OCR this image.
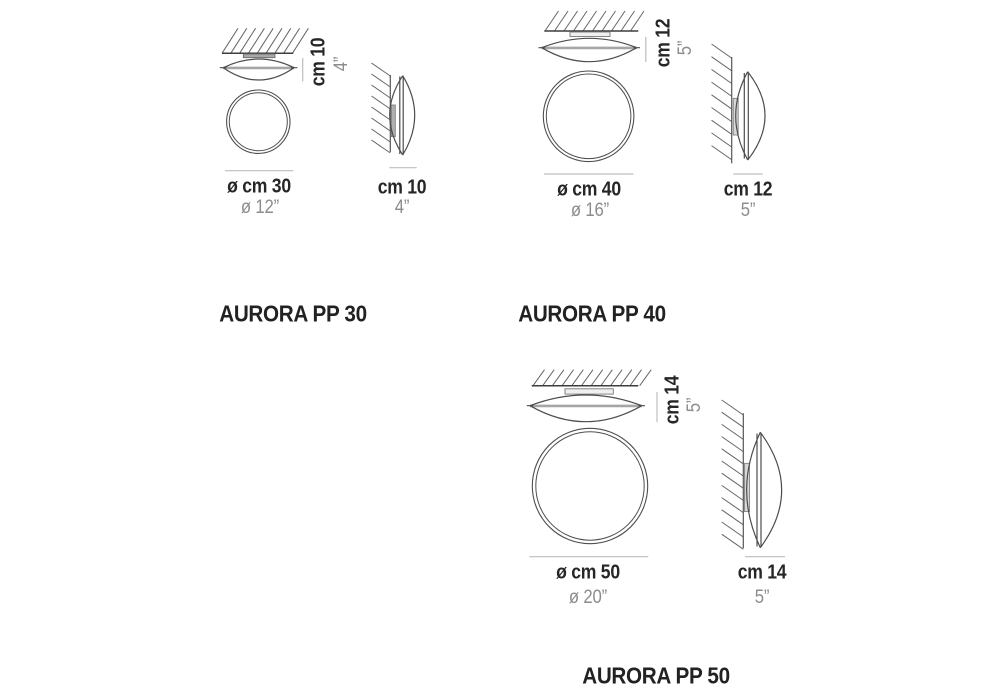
cm 10 4”
ø cm 30
ø 12”
cm 10
4”
AURORA PP 30
cm 12 5”
ø cm 40
ø 16”
cm 12
5”
AURORA PP 40
cm 14 5”
ø cm 50
ø 20”
cm 14
5”
AURORA PP 50
